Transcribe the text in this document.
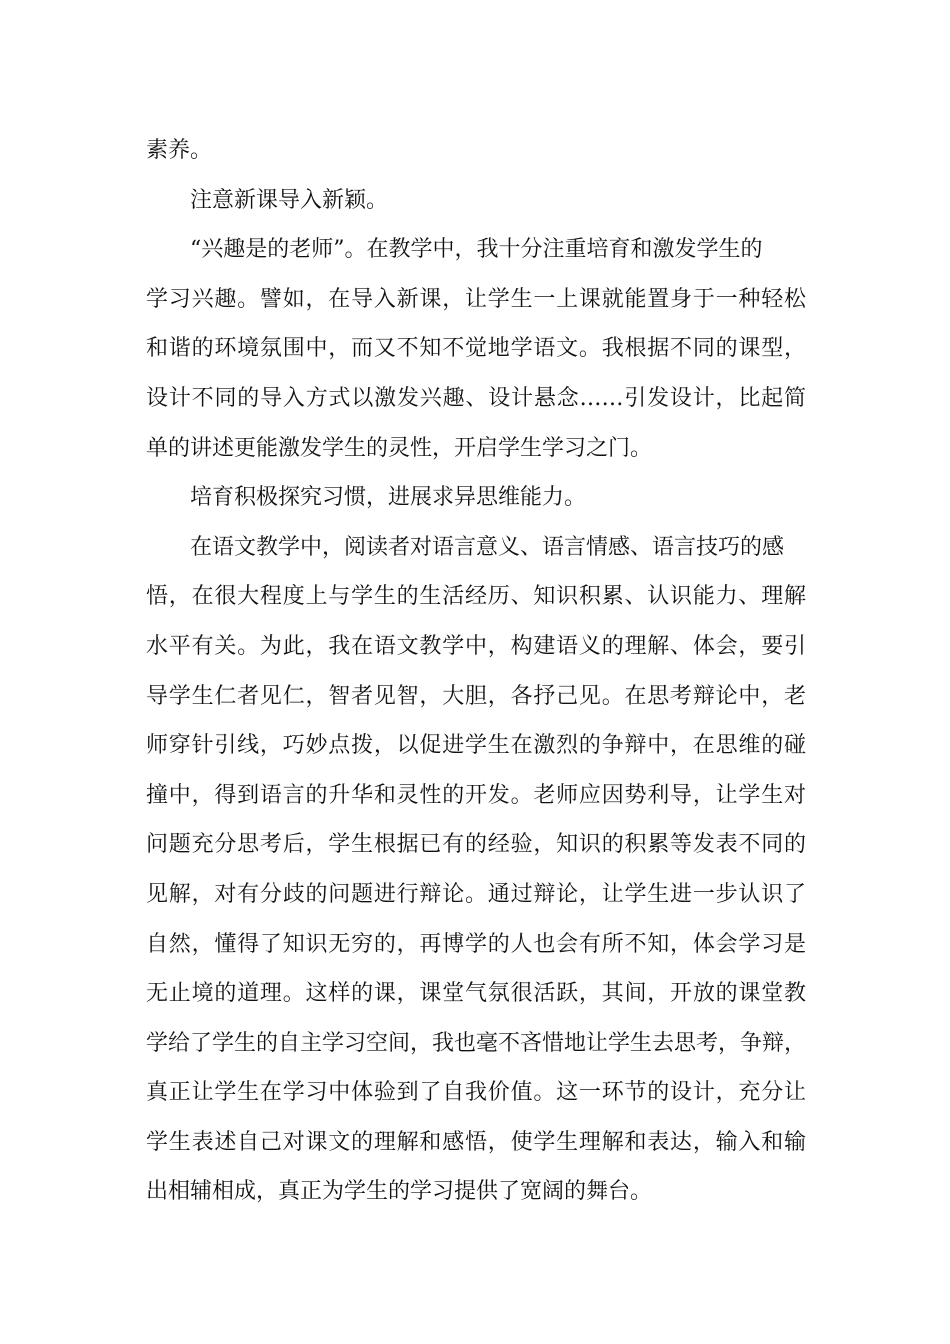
素养。
注意新课导入新颖。
“兴趣是的老师”。在教学中，我十分注重培育和激发学生的
学习兴趣。譬如，在导入新课，让学生一上课就能置身于一种轻松
和谐的环境氛围中，而又不知不觉地学语文。我根据不同的课型，
设计不同的导入方式以激发兴趣、设计悬念……引发设计，比起简
单的讲述更能激发学生的灵性，开启学生学习之门。
培育积极探究习惯，进展求异思维能力。
在语文教学中，阅读者对语言意义、语言情感、语言技巧的感
悟，在很大程度上与学生的生活经历、知识积累、认识能力、理解
水平有关。为此，我在语文教学中，构建语义的理解、体会，要引
导学生仁者见仁，智者见智，大胆，各抒己见。在思考辩论中，老
师穿针引线，巧妙点拨，以促进学生在激烈的争辩中，在思维的碰
撞中，得到语言的升华和灵性的开发。老师应因势利导，让学生对
问题充分思考后，学生根据已有的经验，知识的积累等发表不同的
见解，对有分歧的问题进行辩论。通过辩论，让学生进一步认识了
自然，懂得了知识无穷的，再博学的人也会有所不知，体会学习是
无止境的道理。这样的课，课堂气氛很活跃，其间，开放的课堂教
学给了学生的自主学习空间，我也毫不吝惜地让学生去思考，争辩，
真正让学生在学习中体验到了自我价值。这一环节的设计，充分让
学生表述自己对课文的理解和感悟，使学生理解和表达，输入和输
出相辅相成，真正为学生的学习提供了宽阔的舞台。
